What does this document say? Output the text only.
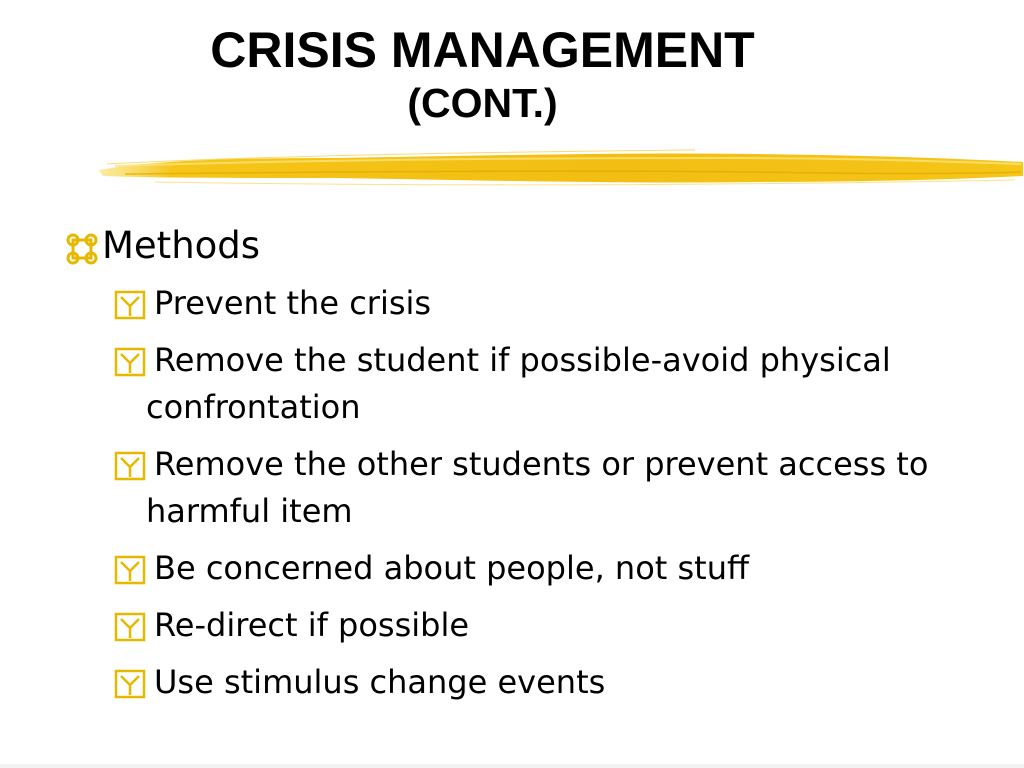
CRISIS MANAGEMENT
(CONT.)
Methods
Prevent the crisis
Remove the student if possible-avoid physical confrontation
Remove the other students or prevent access to harmful item
Be concerned about people, not stuff
Re-direct if possible
Use stimulus change events
